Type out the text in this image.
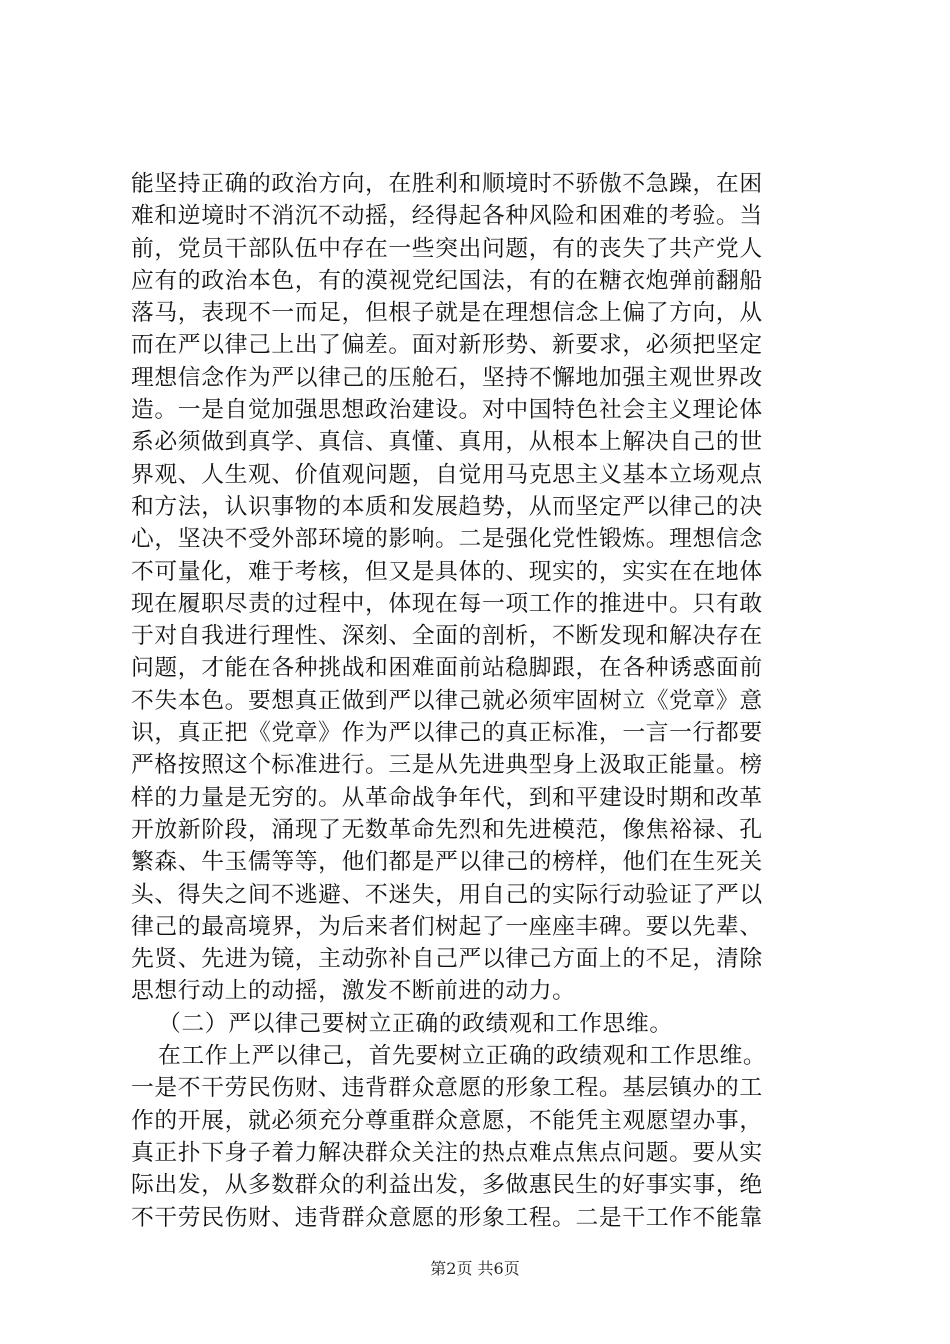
能坚持正确的政治方向，在胜利和顺境时不骄傲不急躁，在困
难和逆境时不消沉不动摇，经得起各种风险和困难的考验。当
前，党员干部队伍中存在一些突出问题，有的丧失了共产党人
应有的政治本色，有的漠视党纪国法，有的在糖衣炮弹前翻船
落马，表现不一而足，但根子就是在理想信念上偏了方向，从
而在严以律己上出了偏差。面对新形势、新要求，必须把坚定
理想信念作为严以律己的压舱石，坚持不懈地加强主观世界改
造。一是自觉加强思想政治建设。对中国特色社会主义理论体
系必须做到真学、真信、真懂、真用，从根本上解决自己的世
界观、人生观、价值观问题，自觉用马克思主义基本立场观点
和方法，认识事物的本质和发展趋势，从而坚定严以律己的决
心，坚决不受外部环境的影响。二是强化党性锻炼。理想信念
不可量化，难于考核，但又是具体的、现实的，实实在在地体
现在履职尽责的过程中，体现在每一项工作的推进中。只有敢
于对自我进行理性、深刻、全面的剖析，不断发现和解决存在
问题，才能在各种挑战和困难面前站稳脚跟，在各种诱惑面前
不失本色。要想真正做到严以律己就必须牢固树立《党章》意
识，真正把《党章》作为严以律己的真正标准，一言一行都要
严格按照这个标准进行。三是从先进典型身上汲取正能量。榜
样的力量是无穷的。从革命战争年代，到和平建设时期和改革
开放新阶段，涌现了无数革命先烈和先进模范，像焦裕禄、孔
繁森、牛玉儒等等，他们都是严以律己的榜样，他们在生死关
头、得失之间不逃避、不迷失，用自己的实际行动验证了严以
律己的最高境界，为后来者们树起了一座座丰碑。要以先辈、
先贤、先进为镜，主动弥补自己严以律己方面上的不足，清除
思想行动上的动摇，激发不断前进的动力。
（二）严以律己要树立正确的政绩观和工作思维。
在工作上严以律己，首先要树立正确的政绩观和工作思维。
一是不干劳民伤财、违背群众意愿的形象工程。基层镇办的工
作的开展，就必须充分尊重群众意愿，不能凭主观愿望办事，
真正扑下身子着力解决群众关注的热点难点焦点问题。要从实
际出发，从多数群众的利益出发，多做惠民生的好事实事，绝
不干劳民伤财、违背群众意愿的形象工程。二是干工作不能靠
第2页 共6页
